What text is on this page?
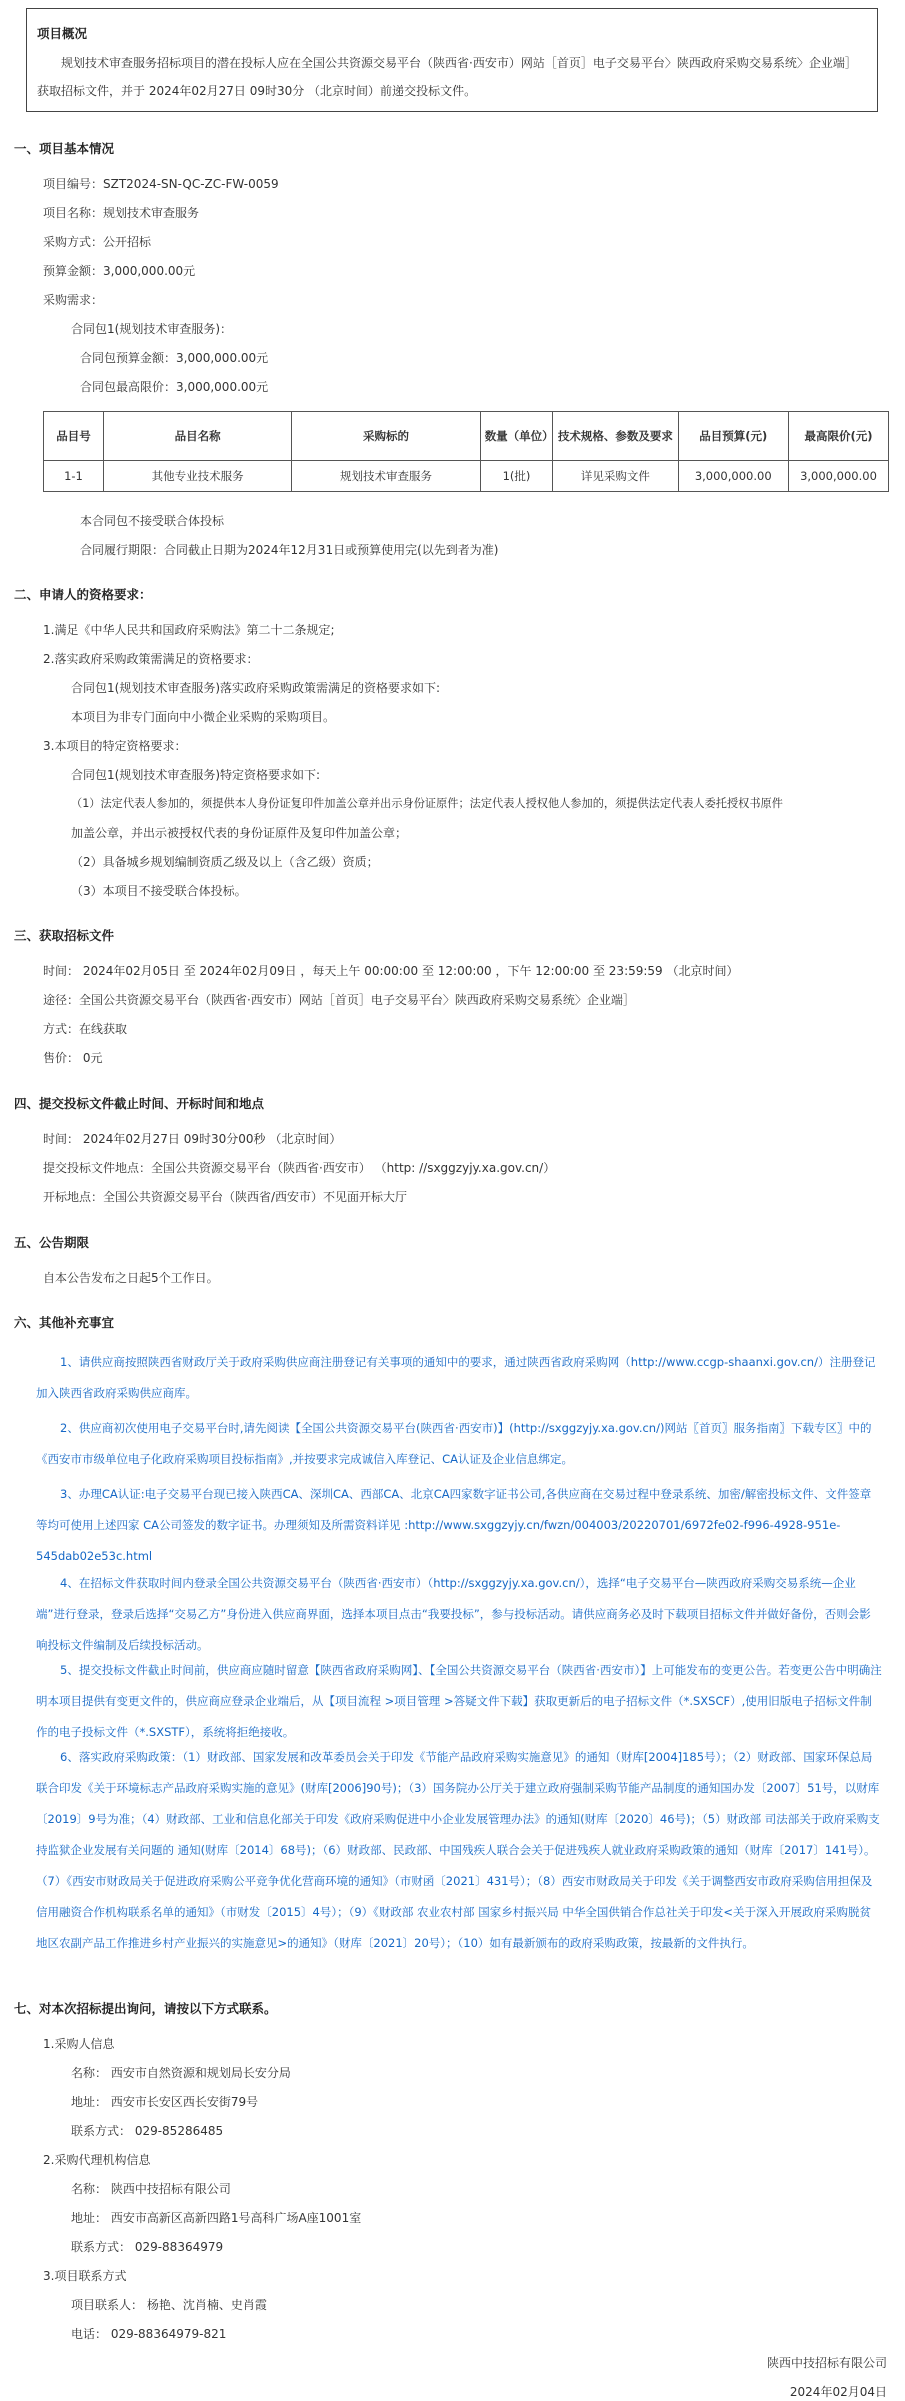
项目概况
规划技术审查服务招标项目的潜在投标人应在全国公共资源交易平台（陕西省·西安市）网站［首页］电子交易平台〉陕西政府采购交易系统〉企业端］获取招标文件，并于 2024年02月27日 09时30分 （北京时间）前递交投标文件。
一、项目基本情况
项目编号：SZT2024-SN-QC-ZC-FW-0059
项目名称：规划技术审查服务
采购方式：公开招标
预算金额：3,000,000.00元
采购需求：
合同包1(规划技术审查服务)：
合同包预算金额：3,000,000.00元
合同包最高限价：3,000,000.00元
品目号	品目名称	采购标的	数量（单位）	技术规格、参数及要求	品目预算(元)	最高限价(元)
1-1	其他专业技术服务	规划技术审查服务	1(批)	详见采购文件	3,000,000.00	3,000,000.00
本合同包不接受联合体投标
合同履行期限：合同截止日期为2024年12月31日或预算使用完(以先到者为准)
二、申请人的资格要求：
1.满足《中华人民共和国政府采购法》第二十二条规定;
2.落实政府采购政策需满足的资格要求：
合同包1(规划技术审查服务)落实政府采购政策需满足的资格要求如下:
本项目为非专门面向中小微企业采购的采购项目。
3.本项目的特定资格要求：
合同包1(规划技术审查服务)特定资格要求如下:
（1）法定代表人参加的，须提供本人身份证复印件加盖公章并出示身份证原件；法定代表人授权他人参加的，须提供法定代表人委托授权书原件
加盖公章，并出示被授权代表的身份证原件及复印件加盖公章；
（2）具备城乡规划编制资质乙级及以上（含乙级）资质；
（3）本项目不接受联合体投标。
三、获取招标文件
时间： 2024年02月05日 至 2024年02月09日 ，每天上午 00:00:00 至 12:00:00 ，下午 12:00:00 至 23:59:59 （北京时间）
途径：全国公共资源交易平台（陕西省·西安市）网站［首页］电子交易平台〉陕西政府采购交易系统〉企业端］
方式：在线获取
售价： 0元
四、提交投标文件截止时间、开标时间和地点
时间： 2024年02月27日 09时30分00秒 （北京时间）
提交投标文件地点：全国公共资源交易平台（陕西省·西安市） （http: //sxggzyjy.xa.gov.cn/）
开标地点：全国公共资源交易平台（陕西省/西安市）不见面开标大厅
五、公告期限
自本公告发布之日起5个工作日。
六、其他补充事宜
1、请供应商按照陕西省财政厅关于政府采购供应商注册登记有关事项的通知中的要求，通过陕西省政府采购网（http://www.ccgp-shaanxi.gov.cn/）注册登记加入陕西省政府采购供应商库。
2、供应商初次使用电子交易平台时,请先阅读【全国公共资源交易平台(陕西省·西安市)】(http://sxggzyjy.xa.gov.cn/)网站〖首页〗服务指南〗下载专区〗中的《西安市市级单位电子化政府采购项目投标指南》,并按要求完成诚信入库登记、CA认证及企业信息绑定。
3、办理CA认证:电子交易平台现已接入陕西CA、深圳CA、西部CA、北京CA四家数字证书公司,各供应商在交易过程中登录系统、加密/解密投标文件、文件签章等均可使用上述四家 CA公司签发的数字证书。办理须知及所需资料详见 :http://www.sxggzyjy.cn/fwzn/004003/20220701/6972fe02-f996-4928-951e-545dab02e53c.html
4、在招标文件获取时间内登录全国公共资源交易平台（陕西省·西安市）（http://sxggzyjy.xa.gov.cn/），选择“电子交易平台—陕西政府采购交易系统—企业端”进行登录，登录后选择“交易乙方”身份进入供应商界面，选择本项目点击“我要投标”，参与投标活动。请供应商务必及时下载项目招标文件并做好备份，否则会影响投标文件编制及后续投标活动。
5、提交投标文件截止时间前，供应商应随时留意【陕西省政府采购网】、【全国公共资源交易平台（陕西省·西安市）】上可能发布的变更公告。若变更公告中明确注明本项目提供有变更文件的，供应商应登录企业端后，从【项目流程 >项目管理 >答疑文件下载】获取更新后的电子招标文件（*.SXSCF）,使用旧版电子招标文件制作的电子投标文件（*.SXSTF），系统将拒绝接收。
6、落实政府采购政策：（1）财政部、国家发展和改革委员会关于印发《节能产品政府采购实施意见》的通知（财库[2004]185号）；（2）财政部、国家环保总局联合印发《关于环境标志产品政府采购实施的意见》(财库[2006]90号)；（3）国务院办公厅关于建立政府强制采购节能产品制度的通知国办发〔2007〕51号，以财库〔2019〕9号为准；（4）财政部、工业和信息化部关于印发《政府采购促进中小企业发展管理办法》的通知(财库〔2020〕46号)；（5）财政部 司法部关于政府采购支持监狱企业发展有关问题的 通知(财库〔2014〕68号)；（6）财政部、民政部、中国残疾人联合会关于促进残疾人就业政府采购政策的通知（财库〔2017〕141号）。（7）《西安市财政局关于促进政府采购公平竞争优化营商环境的通知》（市财函〔2021〕431号）；（8）西安市财政局关于印发《关于调整西安市政府采购信用担保及信用融资合作机构联系名单的通知》（市财发〔2015〕4号）；（9）《财政部 农业农村部 国家乡村振兴局 中华全国供销合作总社关于印发<关于深入开展政府采购脱贫地区农副产品工作推进乡村产业振兴的实施意见>的通知》（财库〔2021〕20号）；（10）如有最新颁布的政府采购政策，按最新的文件执行。
七、对本次招标提出询问，请按以下方式联系。
1.采购人信息
名称： 西安市自然资源和规划局长安分局
地址： 西安市长安区西长安街79号
联系方式： 029-85286485
2.采购代理机构信息
名称： 陕西中技招标有限公司
地址： 西安市高新区高新四路1号高科广场A座1001室
联系方式： 029-88364979
3.项目联系方式
项目联系人： 杨艳、沈肖楠、史肖霞
电话： 029-88364979-821
陕西中技招标有限公司
2024年02月04日
